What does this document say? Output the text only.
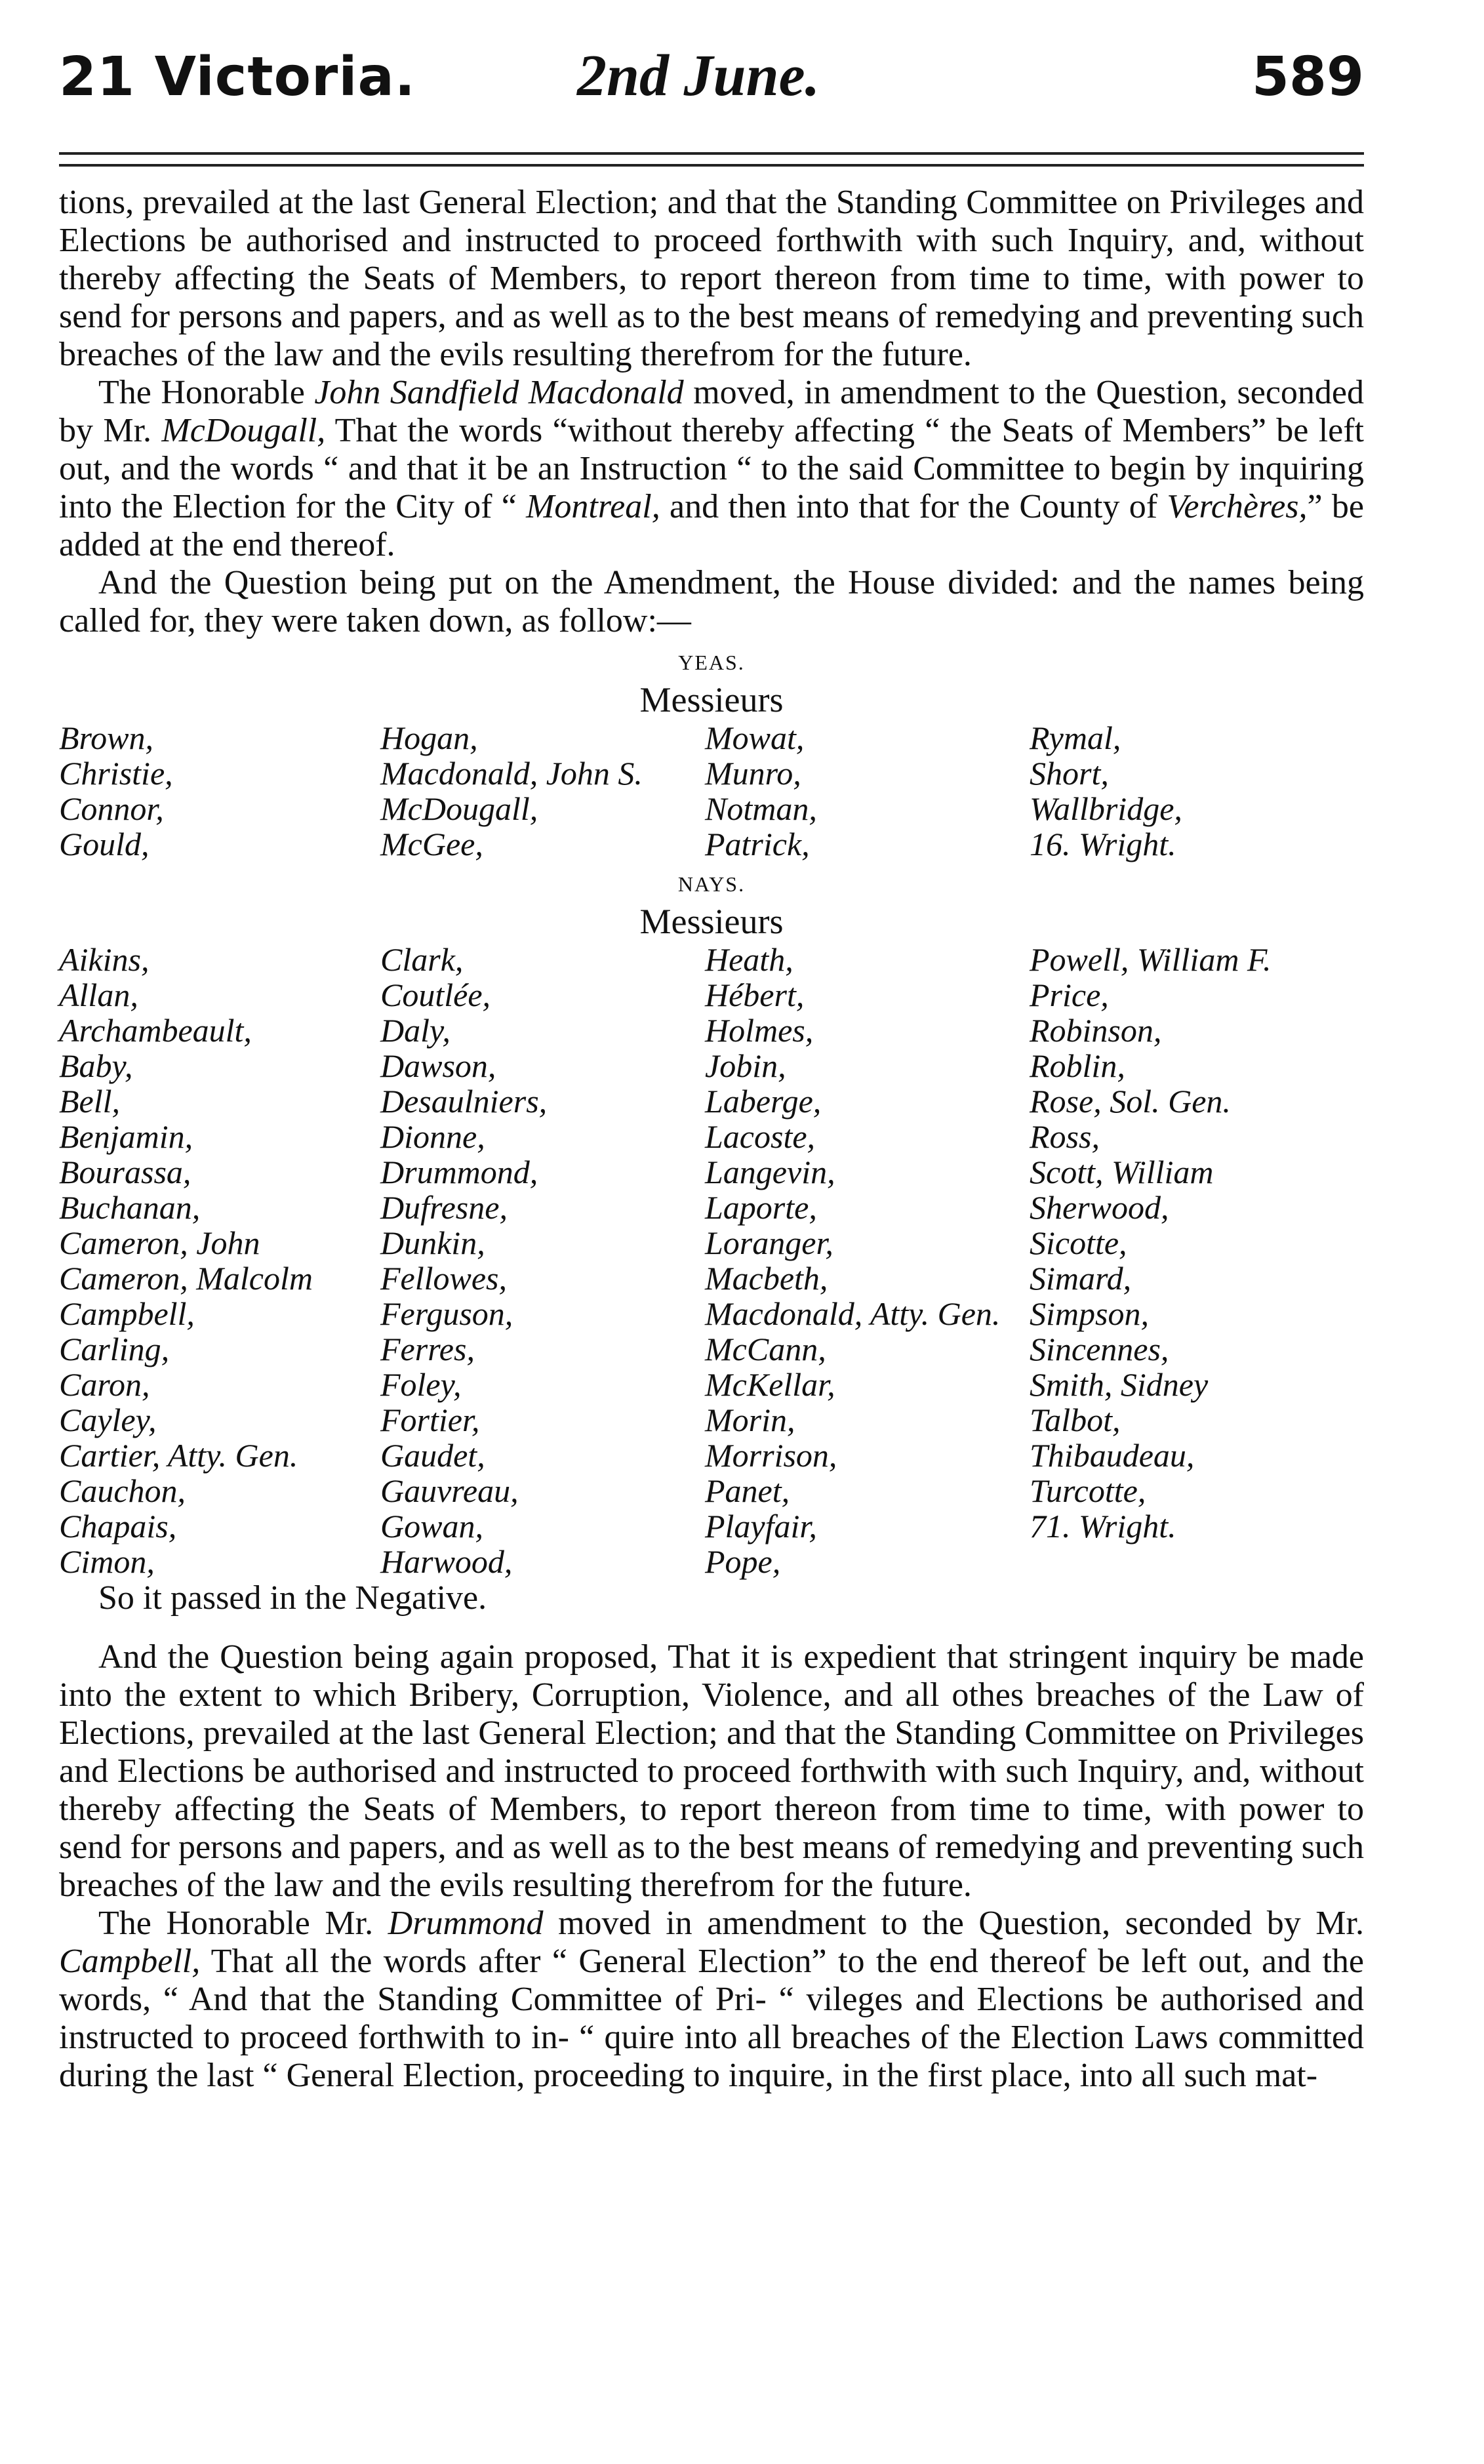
21 Victoria.	2nd June.	589

tions, prevailed at the last General Election; and that the Standing Committee on Privileges and Elections be authorised and instructed to proceed forthwith with such Inquiry, and, without thereby affecting the Seats of Members, to report thereon from time to time, with power to send for persons and papers, and as well as to the best means of remedying and preventing such breaches of the law and the evils resulting therefrom for the future.

The Honorable John Sandfield Macdonald moved, in amendment to the Question, seconded by Mr. McDougall, That the words “without thereby affecting “ the Seats of Members” be left out, and the words “ and that it be an Instruction “ to the said Committee to begin by inquiring into the Election for the City of “ Montreal, and then into that for the County of Verchères,” be added at the end thereof.

And the Question being put on the Amendment, the House divided: and the names being called for, they were taken down, as follow:—

YEAS.
Messieurs
Brown,	Hogan,	Mowat,	Rymal,
Christie,	Macdonald, John S.	Munro,	Short,
Connor,	McDougall,	Notman,	Wallbridge,
Gould,	McGee,	Patrick,	16. Wright.
NAYS.
Messieurs
Aikins,	Clark,	Heath,	Powell, William F.
Allan,	Coutlée,	Hébert,	Price,
Archambeault,	Daly,	Holmes,	Robinson,
Baby,	Dawson,	Jobin,	Roblin,
Bell,	Desaulniers,	Laberge,	Rose, Sol. Gen.
Benjamin,	Dionne,	Lacoste,	Ross,
Bourassa,	Drummond,	Langevin,	Scott, William
Buchanan,	Dufresne,	Laporte,	Sherwood,
Cameron, John	Dunkin,	Loranger,	Sicotte,
Cameron, Malcolm	Fellowes,	Macbeth,	Simard,
Campbell,	Ferguson,	Macdonald, Atty. Gen. Simpson,
Carling,	Ferres,	McCann,	Sincennes,
Caron,	Foley,	McKellar,	Smith, Sidney
Cayley,	Fortier,	Morin,	Talbot,
Cartier, Atty. Gen.	Gaudet,	Morrison,	Thibaudeau,
Cauchon,	Gauvreau,	Panet,	Turcotte,
Chapais,	Gowan,	Playfair,	71. Wright.
Cimon,	Harwood,	Pope,

So it passed in the Negative.

And the Question being again proposed, That it is expedient that stringent inquiry be made into the extent to which Bribery, Corruption, Violence, and all othes breaches of the Law of Elections, prevailed at the last General Election; and that the Standing Committee on Privileges and Elections be authorised and instructed to proceed forthwith with such Inquiry, and, without thereby affecting the Seats of Members, to report thereon from time to time, with power to send for persons and papers, and as well as to the best means of remedying and preventing such breaches of the law and the evils resulting therefrom for the future.

The Honorable Mr. Drummond moved in amendment to the Question, seconded by Mr. Campbell, That all the words after “ General Election” to the end thereof be left out, and the words, “ And that the Standing Committee of Pri- “ vileges and Elections be authorised and instructed to proceed forthwith to in- “ quire into all breaches of the Election Laws committed during the last “ General Election, proceeding to inquire, in the first place, into all such mat-
